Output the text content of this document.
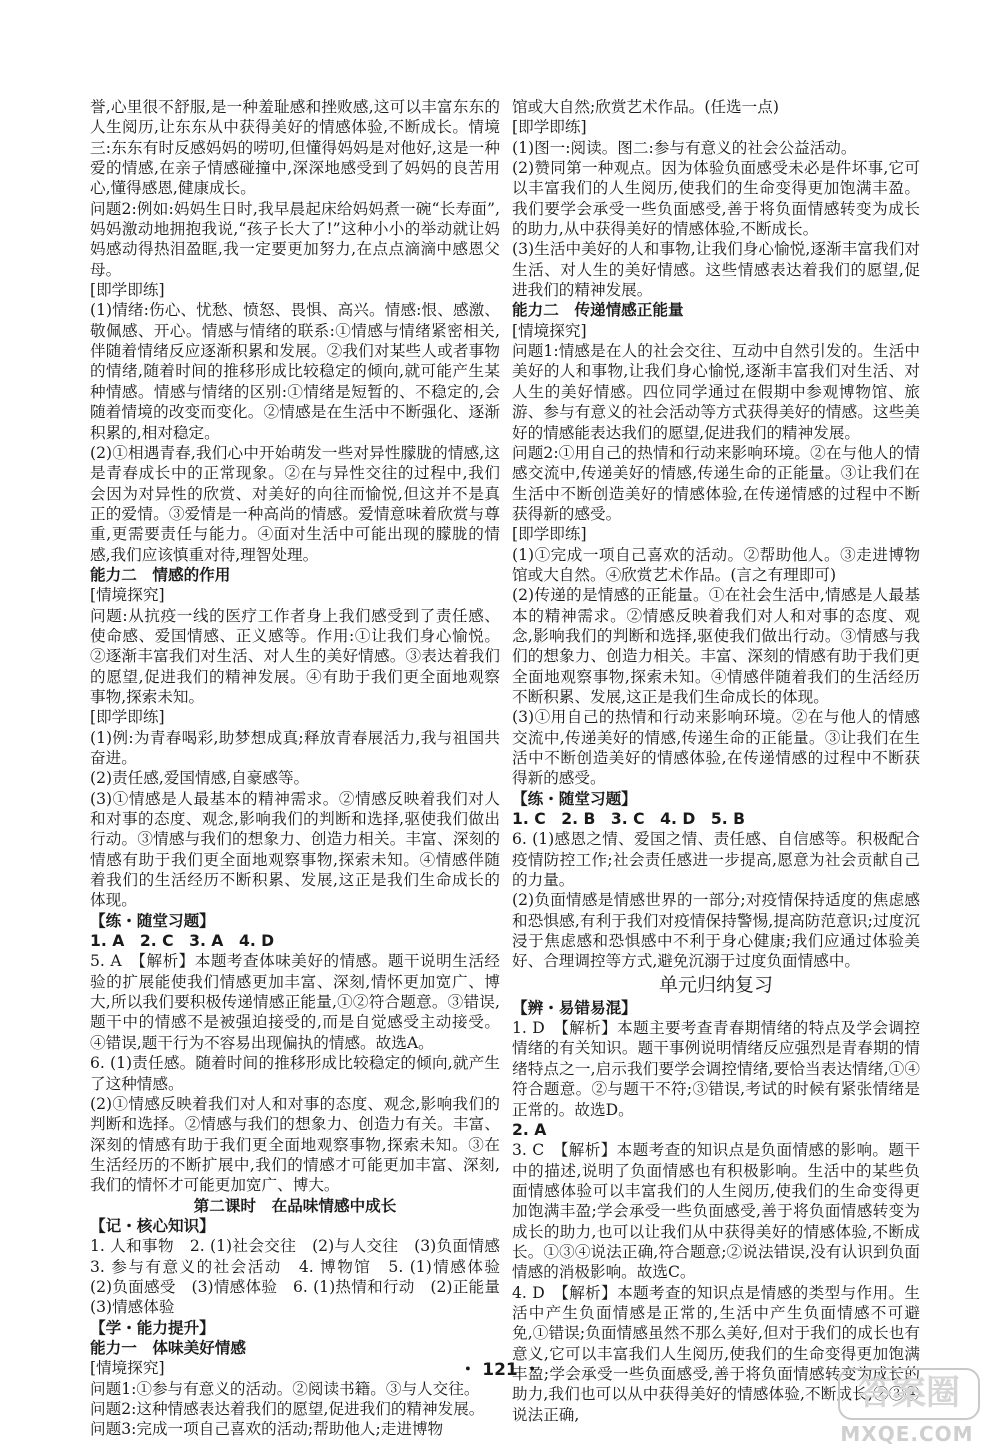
誉,心里很不舒服,是一种羞耻感和挫败感,这可以丰富东东的人生阅历,让东东从中获得美好的情感体验,不断成长。情境三:东东有时反感妈妈的唠叨,但懂得妈妈是对他好,这是一种爱的情感,在亲子情感碰撞中,深深地感受到了妈妈的良苦用心,懂得感恩,健康成长。

问题2:例如:妈妈生日时,我早晨起床给妈妈煮一碗“长寿面”,妈妈激动地拥抱我说,“孩子长大了!”这种小小的举动就让妈妈感动得热泪盈眶,我一定要更加努力,在点点滴滴中感恩父母。

[即学即练]

(1)情绪:伤心、忧愁、愤怒、畏惧、高兴。情感:恨、感激、敬佩感、开心。情感与情绪的联系:①情感与情绪紧密相关,伴随着情绪反应逐渐积累和发展。②我们对某些人或者事物的情绪,随着时间的推移形成比较稳定的倾向,就可能产生某种情感。情感与情绪的区别:①情绪是短暂的、不稳定的,会随着情境的改变而变化。②情感是在生活中不断强化、逐渐积累的,相对稳定。

(2)①相遇青春,我们心中开始萌发一些对异性朦胧的情感,这是青春成长中的正常现象。②在与异性交往的过程中,我们会因为对异性的欣赏、对美好的向往而愉悦,但这并不是真正的爱情。③爱情是一种高尚的情感。爱情意味着欣赏与尊重,更需要责任与能力。④面对生活中可能出现的朦胧的情感,我们应该慎重对待,理智处理。

能力二　情感的作用

[情境探究]

问题:从抗疫一线的医疗工作者身上我们感受到了责任感、使命感、爱国情感、正义感等。作用:①让我们身心愉悦。②逐渐丰富我们对生活、对人生的美好情感。③表达着我们的愿望,促进我们的精神发展。④有助于我们更全面地观察事物,探索未知。

[即学即练]

(1)例:为青春喝彩,助梦想成真;释放青春展活力,我与祖国共奋进。

(2)责任感,爱国情感,自豪感等。

(3)①情感是人最基本的精神需求。②情感反映着我们对人和对事的态度、观念,影响我们的判断和选择,驱使我们做出行动。③情感与我们的想象力、创造力相关。丰富、深刻的情感有助于我们更全面地观察事物,探索未知。④情感伴随着我们的生活经历不断积累、发展,这正是我们生命成长的体现。

【练・随堂习题】

1. A　2. C　3. A　4. D

5. A　【解析】本题考查体味美好的情感。题干说明生活经验的扩展能使我们情感更加丰富、深刻,情怀更加宽广、博大,所以我们要积极传递情感正能量,①②符合题意。③错误,题干中的情感不是被强迫接受的,而是自觉感受主动接受。④错误,题干行为不容易出现偏执的情感。故选A。

6. (1)责任感。随着时间的推移形成比较稳定的倾向,就产生了这种情感。

(2)①情感反映着我们对人和对事的态度、观念,影响我们的判断和选择。②情感与我们的想象力、创造力有关。丰富、深刻的情感有助于我们更全面地观察事物,探索未知。③在生活经历的不断扩展中,我们的情感才可能更加丰富、深刻,我们的情怀才可能更加宽广、博大。

第二课时　在品味情感中成长

【记・核心知识】

1. 人和事物　2. (1)社会交往　(2)与人交往　(3)负面情感　3. 参与有意义的社会活动　4. 博物馆　5. (1)情感体验　(2)负面感受　(3)情感体验　6. (1)热情和行动　(2)正能量　(3)情感体验

【学・能力提升】

能力一　体味美好情感

[情境探究]

问题1:①参与有意义的活动。②阅读书籍。③与人交往。

问题2:这种情感表达着我们的愿望,促进我们的精神发展。

问题3:完成一项自己喜欢的活动;帮助他人;走进博物

馆或大自然;欣赏艺术作品。(任选一点)

[即学即练]

(1)图一:阅读。图二:参与有意义的社会公益活动。

(2)赞同第一种观点。因为体验负面感受未必是件坏事,它可以丰富我们的人生阅历,使我们的生命变得更加饱满丰盈。我们要学会承受一些负面感受,善于将负面情感转变为成长的助力,从中获得美好的情感体验,不断成长。

(3)生活中美好的人和事物,让我们身心愉悦,逐渐丰富我们对生活、对人生的美好情感。这些情感表达着我们的愿望,促进我们的精神发展。

能力二　传递情感正能量

[情境探究]

问题1:情感是在人的社会交往、互动中自然引发的。生活中美好的人和事物,让我们身心愉悦,逐渐丰富我们对生活、对人生的美好情感。四位同学通过在假期中参观博物馆、旅游、参与有意义的社会活动等方式获得美好的情感。这些美好的情感能表达我们的愿望,促进我们的精神发展。

问题2:①用自己的热情和行动来影响环境。②在与他人的情感交流中,传递美好的情感,传递生命的正能量。③让我们在生活中不断创造美好的情感体验,在传递情感的过程中不断获得新的感受。

[即学即练]

(1)①完成一项自己喜欢的活动。②帮助他人。③走进博物馆或大自然。④欣赏艺术作品。(言之有理即可)

(2)传递的是情感的正能量。①在社会生活中,情感是人最基本的精神需求。②情感反映着我们对人和对事的态度、观念,影响我们的判断和选择,驱使我们做出行动。③情感与我们的想象力、创造力相关。丰富、深刻的情感有助于我们更全面地观察事物,探索未知。④情感伴随着我们的生活经历不断积累、发展,这正是我们生命成长的体现。

(3)①用自己的热情和行动来影响环境。②在与他人的情感交流中,传递美好的情感,传递生命的正能量。③让我们在生活中不断创造美好的情感体验,在传递情感的过程中不断获得新的感受。

【练・随堂习题】

1. C　2. B　3. C　4. D　5. B

6. (1)感恩之情、爱国之情、责任感、自信感等。积极配合疫情防控工作;社会责任感进一步提高,愿意为社会贡献自己的力量。

(2)负面情感是情感世界的一部分;对疫情保持适度的焦虑感和恐惧感,有利于我们对疫情保持警惕,提高防范意识;过度沉浸于焦虑感和恐惧感中不利于身心健康;我们应通过体验美好、合理调控等方式,避免沉溺于过度负面情感中。

单元归纳复习

【辨・易错易混】

1. D　【解析】本题主要考查青春期情绪的特点及学会调控情绪的有关知识。题干事例说明情绪反应强烈是青春期的情绪特点之一,启示我们要学会调控情绪,要恰当表达情绪,①④符合题意。②与题干不符;③错误,考试的时候有紧张情绪是正常的。故选D。

2. A

3. C　【解析】本题考查的知识点是负面情感的影响。题干中的描述,说明了负面情感也有积极影响。生活中的某些负面情感体验可以丰富我们的人生阅历,使我们的生命变得更加饱满丰盈;学会承受一些负面感受,善于将负面情感转变为成长的助力,也可以让我们从中获得美好的情感体验,不断成长。①③④说法正确,符合题意;②说法错误,没有认识到负面情感的消极影响。故选C。

4. D　【解析】本题考查的知识点是情感的类型与作用。生活中产生负面情感是正常的,生活中产生负面情感不可避免,①错误;负面情感虽然不那么美好,但对于我们的成长也有意义,它可以丰富我们人生阅历,使我们的生命变得更加饱满丰盈;学会承受一些负面感受,善于将负面情感转变为成长的助力,我们也可以从中获得美好的情感体验,不断成长,②③④说法正确,

・ 121 ・
答案圈
MXQE.COM
